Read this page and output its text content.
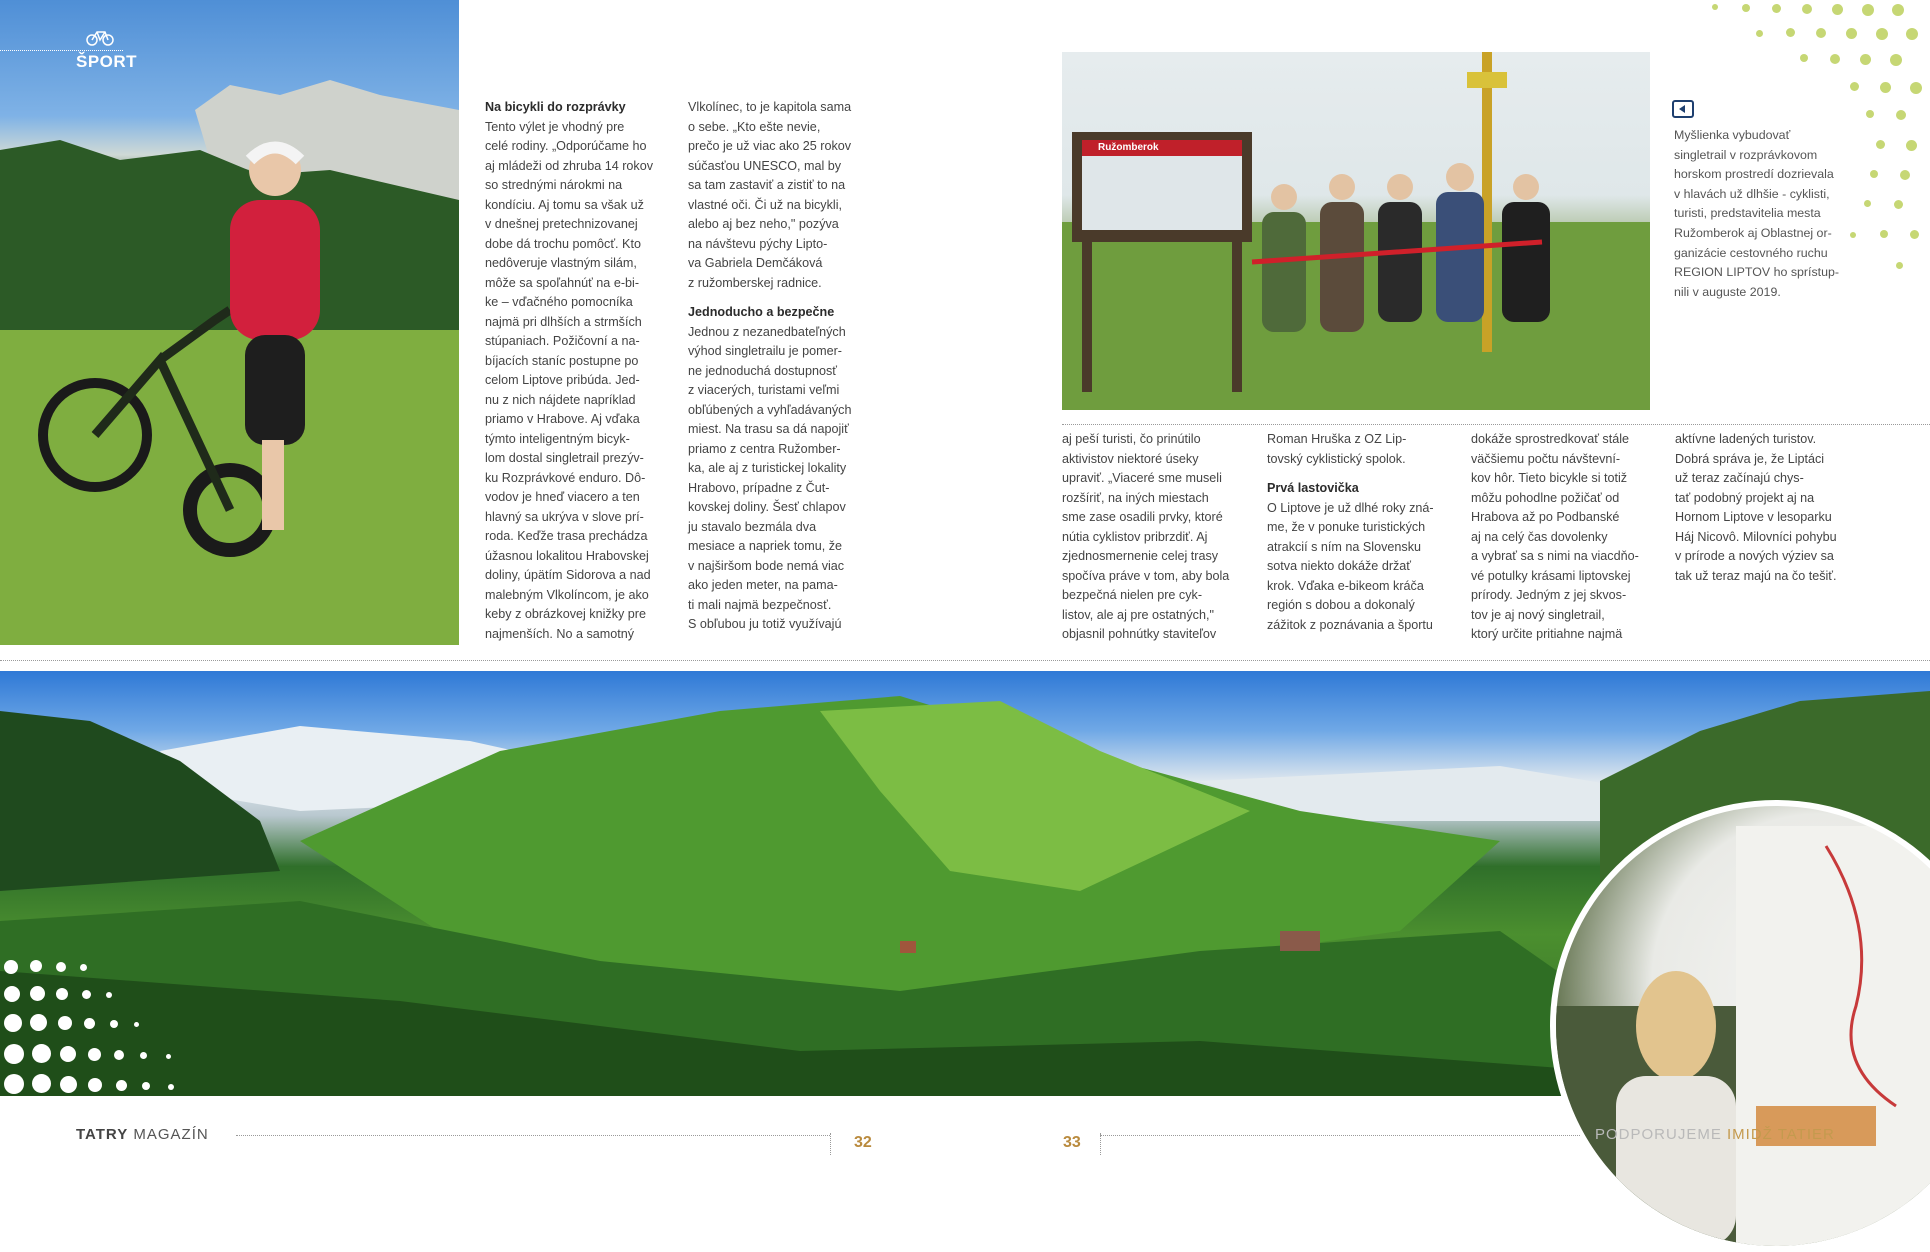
ŠPORT
Ružomberok
Na bicykli do rozprávky

Tento výlet je vhodný pre

celé rodiny. „Odporúčame ho

aj mládeži od zhruba 14 rokov

so strednými nárokmi na

kondíciu. Aj tomu sa však už

v dnešnej pretechnizovanej

dobe dá trochu pomôcť. Kto

nedôveruje vlastným silám,

môže sa spoľahnúť na e-bi-

ke – vďačného pomocníka

najmä pri dlhších a strmších

stúpaniach. Požičovní a na-

bíjacích staníc postupne po

celom Liptove pribúda. Jed-

nu z nich nájdete napríklad

priamo v Hrabove. Aj vďaka

týmto inteligentným bicyk-

lom dostal singletrail prezýv-

ku Rozprávkové enduro. Dô-

vodov je hneď viacero a ten

hlavný sa ukrýva v slove prí-

roda. Keďže trasa prechádza

úžasnou lokalitou Hrabovskej

doliny, úpätím Sidorova a nad

malebným Vlkolíncom, je ako

keby z obrázkovej knižky pre

najmenších. No a samotný

Vlkolínec, to je kapitola sama

o sebe. „Kto ešte nevie,

prečo je už viac ako 25 rokov

súčasťou UNESCO, mal by

sa tam zastaviť a zistiť to na

vlastné oči. Či už na bicykli,

alebo aj bez neho," pozýva

na návštevu pýchy Lipto-

va Gabriela Demčáková

z ružomberskej radnice.

Jednoducho a bezpečne

Jednou z nezanedbateľných

výhod singletrailu je pomer-

ne jednoduchá dostupnosť

z viacerých, turistami veľmi

obľúbených a vyhľadávaných

miest. Na trasu sa dá napojiť

priamo z centra Ružomber-

ka, ale aj z turistickej lokality

Hrabovo, prípadne z Čut-

kovskej doliny. Šesť chlapov

ju stavalo bezmála dva

mesiace a napriek tomu, že

v najširšom bode nemá viac

ako jeden meter, na pama-

ti mali najmä bezpečnosť.

S obľubou ju totiž využívajú

aj peší turisti, čo prinútilo

aktivistov niektoré úseky

upraviť. „Viaceré sme museli

rozšíriť, na iných miestach

sme zase osadili prvky, ktoré

nútia cyklistov pribrzdiť. Aj

zjednosmernenie celej trasy

spočíva práve v tom, aby bola

bezpečná nielen pre cyk-

listov, ale aj pre ostatných,"

objasnil pohnútky staviteľov

Roman Hruška z OZ Lip-

tovský cyklistický spolok.

Prvá lastovička

O Liptove je už dlhé roky zná-

me, že v ponuke turistických

atrakcií s ním na Slovensku

sotva niekto dokáže držať

krok. Vďaka e-bikeom kráča

región s dobou a dokonalý

zážitok z poznávania a športu

dokáže sprostredkovať stále

väčšiemu počtu návštevní-

kov hôr. Tieto bicykle si totiž

môžu pohodlne požičať od

Hrabova až po Podbanské

aj na celý čas dovolenky

a vybrať sa s nimi na viacdňo-

vé potulky krásami liptovskej

prírody. Jedným z jej skvos-

tov je aj nový singletrail,

ktorý určite pritiahne najmä

aktívne ladených turistov.

Dobrá správa je, že Liptáci

už teraz začínajú chys-

tať podobný projekt aj na

Hornom Liptove v lesoparku

Háj Nicovô. Milovníci pohybu

v prírode a nových výziev sa

tak už teraz majú na čo tešiť.

Myšlienka vybudovať

singletrail v rozprávkovom

horskom prostredí dozrievala

v hlavách už dlhšie - cyklisti,

turisti, predstavitelia mesta

Ružomberok aj Oblastnej or-

ganizácie cestovného ruchu

REGION LIPTOV ho sprístup-

nili v auguste 2019.

TATRY MAGAZÍN	32	33	PODPORUJEME IMIDŽ TATIER
